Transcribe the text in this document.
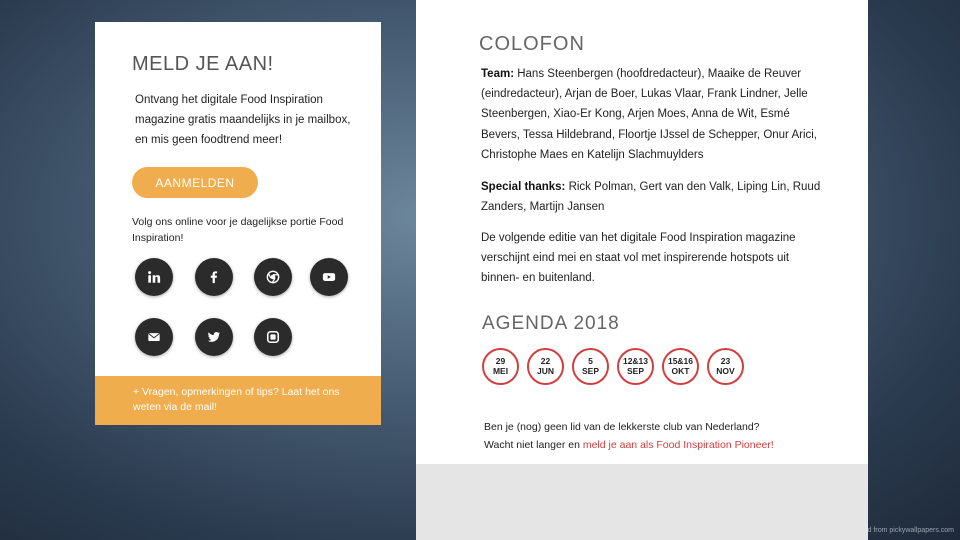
MELD JE AAN!

Ontvang het digitale Food Inspiration magazine gratis maandelijks in je mailbox, en mis geen foodtrend meer!

AANMELDEN

Volg ons online voor je dagelijkse portie Food Inspiration!

+ Vragen, opmerkingen of tips? Laat het ons weten via de mail!
COLOFON

Team: Hans Steenbergen (hoofdredacteur), Maaike de Reuver (eindredacteur), Arjan de Boer, Lukas Vlaar, Frank Lindner, Jelle Steenbergen, Xiao-Er Kong, Arjen Moes, Anna de Wit, Esmé Bevers, Tessa Hildebrand, Floortje IJssel de Schepper, Onur Arici, Christophe Maes en Katelijn Slachmuylders

Special thanks: Rick Polman, Gert van den Valk, Liping Lin, Ruud Zanders, Martijn Jansen

De volgende editie van het digitale Food Inspiration magazine verschijnt eind mei en staat vol met inspirerende hotspots uit binnen- en buitenland.

AGENDA 2018
29
MEI
22
JUN
5
SEP
12&13
SEP
15&16
OKT
23
NOV

Ben je (nog) geen lid van de lekkerste club van Nederland?
Wacht niet langer en meld je aan als Food Inspiration Pioneer!

d from pickywallpapers.com
